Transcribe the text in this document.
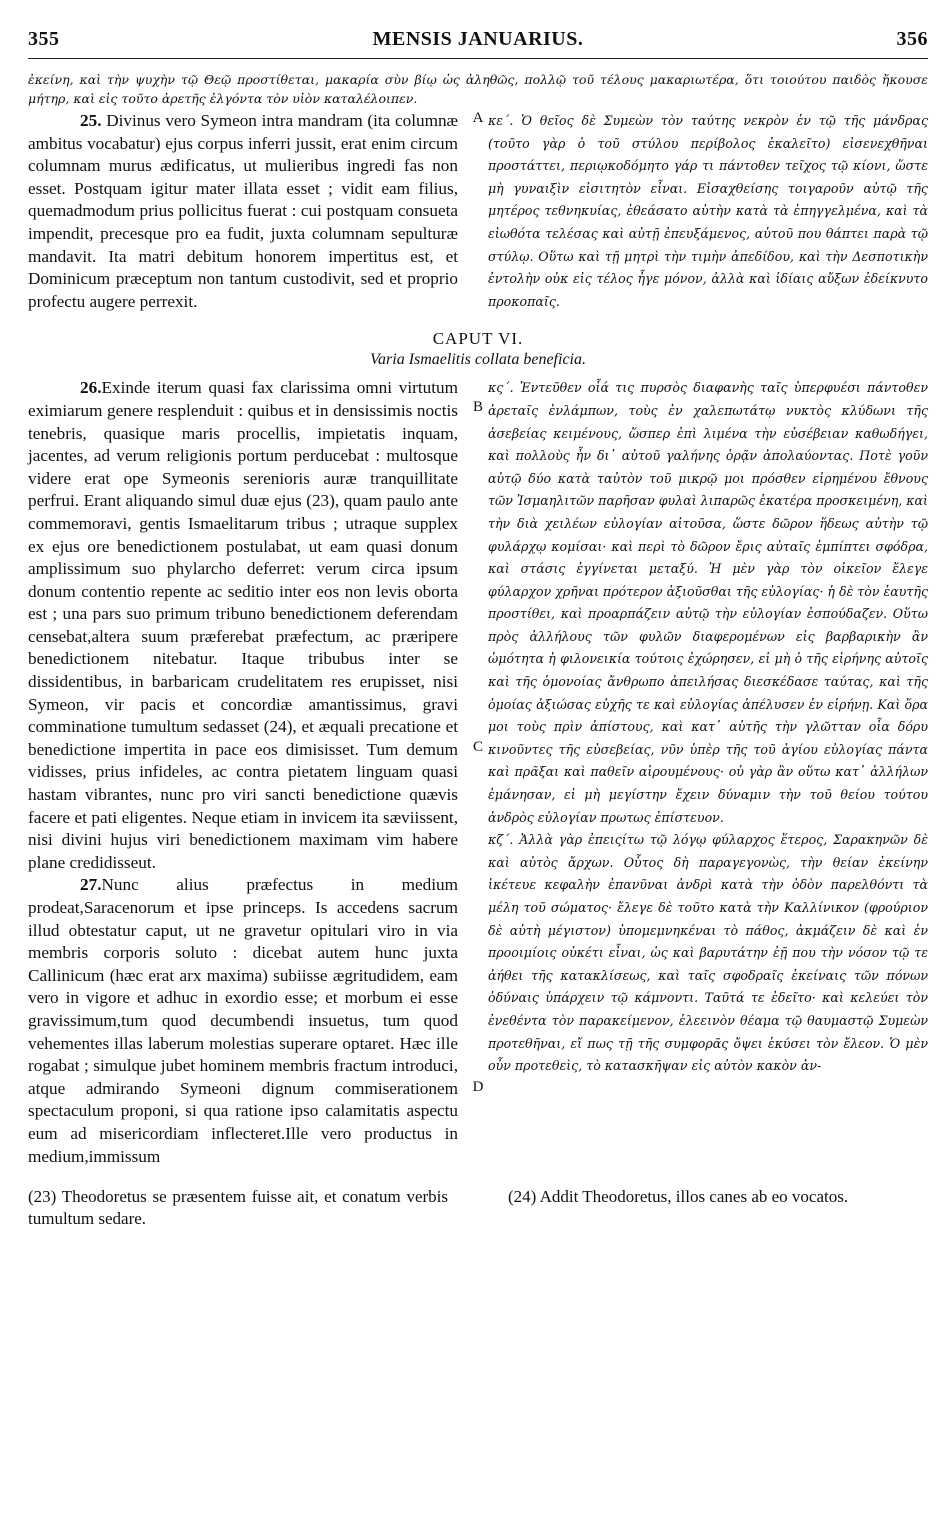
355	MENSIS JANUARIUS.	356
ἐκείνη, καὶ τὴν ψυχὴν τῷ Θεῷ προστίθεται, μακαρία σὺν βίῳ ὡς ἀληθῶς, πολλῷ τοῦ τέλους μακαριωτέρα, ὅτι τοιούτου παιδὸς ἤκουσε μήτηρ, καὶ εἰς τοῦτο ἀρετῆς ἐλγόντα τὸν υἱὸν καταλέλοιπεν.
25. Divinus vero Symeon intra mandram (ita columnæ ambitus vocabatur) ejus corpus inferri jussit, erat enim circum columnam murus ædificatus, ut mulieribus ingredi fas non esset. Postquam igitur mater illata esset ; vidit eam filius, quemadmodum prius pollicitus fuerat : cui postquam consueta impendit, precesque pro ea fudit, juxta columnam sepulturæ mandavit. Ita matri debitum honorem impertitus est, et Dominicum præceptum non tantum custodivit, sed et proprio profectu augere perrexit.
A κε΄. Ὁ θεῖος δὲ Συμεὼν τὸν ταύτης νεκρὸν ἐν τῷ τῆς μάνδρας (τοῦτο γὰρ ὁ τοῦ στύλου περίβολος ἐκαλεῖτο) εἰσενεχθῆναι προστάττει, περιῳκοδόμητο γάρ τι πάντοθεν τεῖχος τῷ κίονι, ὥστε μὴ γυναιξὶν εἰσιτητὸν εἶναι. Εἰσαχθείσης τοιγαροῦν αὐτῷ τῆς μητέρος τεθνηκυίας, ἐθεάσατο αὐτὴν κατὰ τὰ ἐπηγγελμένα, καὶ τὰ εἰωθότα τελέσας καὶ αὐτῇ ἐπευξάμενος, αὐτοῦ που θάπτει παρὰ τῷ στύλῳ. Οὕτω καὶ τῇ μητρὶ τὴν τιμὴν ἀπεδίδου, καὶ τὴν Δεσποτικὴν ἐντολὴν οὐκ εἰς τέλος ἦγε μόνον, ἀλλὰ καὶ ἰδίαις αὔξων ἐδείκνυτο προκοπαῖς.
CAPUT VI.
Varia Ismaelitis collata beneficia.

26.Exinde iterum quasi fax clarissima omni virtutum eximiarum genere resplenduit : quibus et in densissimis noctis tenebris, quasique maris procellis, impietatis inquam, jacentes, ad verum religionis portum perducebat : multosque videre erat ope Symeonis serenioris auræ tranquillitate perfrui. Erant aliquando simul duæ ejus (23), quam paulo ante commemoravi, gentis Ismaelitarum tribus ; utraque supplex ex ejus ore benedictionem postulabat, ut eam quasi donum amplissimum suo phylarcho deferret: verum circa ipsum donum contentio repente ac seditio inter eos non levis oborta est ; una pars suo primum tribuno benedictionem deferendam censebat,altera suum præferebat præfectum, ac præripere benedictionem nitebatur. Itaque tribubus inter se dissidentibus, in barbaricam crudelitatem res erupisset, nisi Symeon, vir pacis et concordiæ amantissimus, gravi comminatione tumultum sedasset (24), et æquali precatione et benedictione impertita in pace eos dimisisset. Tum demum vidisses, prius infideles, ac contra pietatem linguam quasi hastam vibrantes, nunc pro viri sancti benedictione quævis facere et pati eligentes. Neque etiam in invicem ita sæviissent, nisi divini hujus viri benedictionem maximam vim habere plane credidisseut.

27.Nunc alius præfectus in medium prodeat,Saracenorum et ipse princeps. Is accedens sacrum illud obtestatur caput, ut ne gravetur opitulari viro in via membris corporis soluto : dicebat autem hunc juxta Callinicum (hæc erat arx maxima) subiisse ægritudidem, eam vero in vigore et adhuc in exordio esse; et morbum ei esse gravissimum,tum quod decumbendi insuetus, tum quod vehementes illas laberum molestias superare optaret. Hæc ille rogabat ; simulque jubet hominem membris fractum introduci, atque admirando Symeoni dignum commiserationem spectaculum proponi, si qua ratione ipso calamitatis aspectu eum ad misericordiam inflecteret.Ille vero productus in medium,immissum

B
C
D

κς΄. Ἐντεῦθεν οἷά τις πυρσὸς διαφανὴς ταῖς ὑπερφυέσι πάντοθεν ἀρεταῖς ἐνλάμπων, τοὺς ἐν χαλεπωτάτῳ νυκτὸς κλύδωνι τῆς ἀσεβείας κειμένους, ὥσπερ ἐπὶ λιμένα τὴν εὐσέβειαν καθωδήγει, καὶ πολλοὺς ἦν δι᾽ αὐτοῦ γαλήνης ὁρᾷν ἀπολαύοντας. Ποτὲ γοῦν αὐτῷ δύο κατὰ ταὐτὸν τοῦ μικρῷ μοι πρόσθεν εἰρημένου ἔθνους τῶν Ἰσμαηλιτῶν παρῆσαν φυλαὶ λιπαρῶς ἑκατέρα προσκειμένη, καὶ τὴν διὰ χειλέων εὐλογίαν αἰτοῦσα, ὥστε δῶρον ἥδεως αὐτὴν τῷ φυλάρχῳ κομίσαι· καὶ περὶ τὸ δῶρον ἔρις αὐταῖς ἐμπίπτει σφόδρα, καὶ στάσις ἐγγίνεται μεταξύ. Ἡ μὲν γὰρ τὸν οἰκεῖον ἔλεγε φύλαρχον χρῆναι πρότερον ἀξιοῦσθαι τῆς εὐλογίας· ἡ δὲ τὸν ἑαυτῆς προστίθει, καὶ προαρπάζειν αὐτῷ τὴν εὐλογίαν ἐσπούδαζεν. Οὕτω πρὸς ἀλλήλους τῶν φυλῶν διαφερομένων εἰς βαρβαρικὴν ἂν ὠμότητα ἡ φιλονεικία τούτοις ἐχώρησεν, εἰ μὴ ὁ τῆς εἰρήνης αὐτοῖς καὶ τῆς ὁμονοίας ἄνθρωπο ἀπειλήσας διεσκέδασε ταύτας, καὶ τῆς ὁμοίας ἀξιώσας εὐχῆς τε καὶ εὐλογίας ἀπέλυσεν ἐν εἰρήνῃ. Καὶ ὅρα μοι τοὺς πρὶν ἀπίστους, καὶ κατ᾽ αὐτῆς τὴν γλῶτταν οἷα δόρυ κινοῦντες τῆς εὐσεβείας, νῦν ὑπὲρ τῆς τοῦ ἁγίου εὐλογίας πάντα καὶ πρᾶξαι καὶ παθεῖν αἱρουμένους· οὐ γὰρ ἂν οὕτω κατ᾽ ἀλλήλων ἐμάνησαν, εἰ μὴ μεγίστην ἔχειν δύναμιν τὴν τοῦ θείου τούτου ἀνδρὸς εὐλογίαν πρωτως ἐπίστευον.

κζ΄. Ἀλλὰ γὰρ ἐπειςίτω τῷ λόγῳ φύλαρχος ἕτερος, Σαρακηνῶν δὲ καὶ αὐτὸς ἄρχων. Οὗτος δὴ παραγεγονὼς, τὴν θείαν ἐκείνην ἱκέτευε κεφαλὴν ἐπανῦναι ἀνδρὶ κατὰ τὴν ὁδὸν παρελθόντι τὰ μέλη τοῦ σώματος· ἔλεγε δὲ τοῦτο κατὰ τὴν Καλλίνικον (φρούριον δὲ αὐτὴ μέγιστον) ὑπομεμνηκέναι τὸ πάθος, ἀκμάζειν δὲ καὶ ἐν προοιμίοις οὐκέτι εἶναι, ὡς καὶ βαρυτάτην ἐῇ που τὴν νόσον τῷ τε ἀήθει τῆς κατακλίσεως, καὶ ταῖς σφοδραῖς ἐκείναις τῶν πόνων ὀδύναις ὑπάρχειν τῷ κάμνοντι. Ταῦτά τε ἐδεῖτο· καὶ κελεύει τὸν ἐνεθέντα τὸν παρακείμενον, ἐλεεινὸν θέαμα τῷ θαυμαστῷ Συμεὼν προτεθῆναι, εἴ πως τῇ τῆς συμφορᾶς ὄψει ἑκύσει τὸν ἔλεον. Ὁ μὲν οὖν προτεθεὶς, τὸ κατασκῆψαν εἰς αὐτὸν κακὸν ἀν-

(23) Theodoretus se præsentem fuisse ait, et conatum verbis tumultum sedare.
(24) Addit Theodoretus, illos canes ab eo vocatos.
